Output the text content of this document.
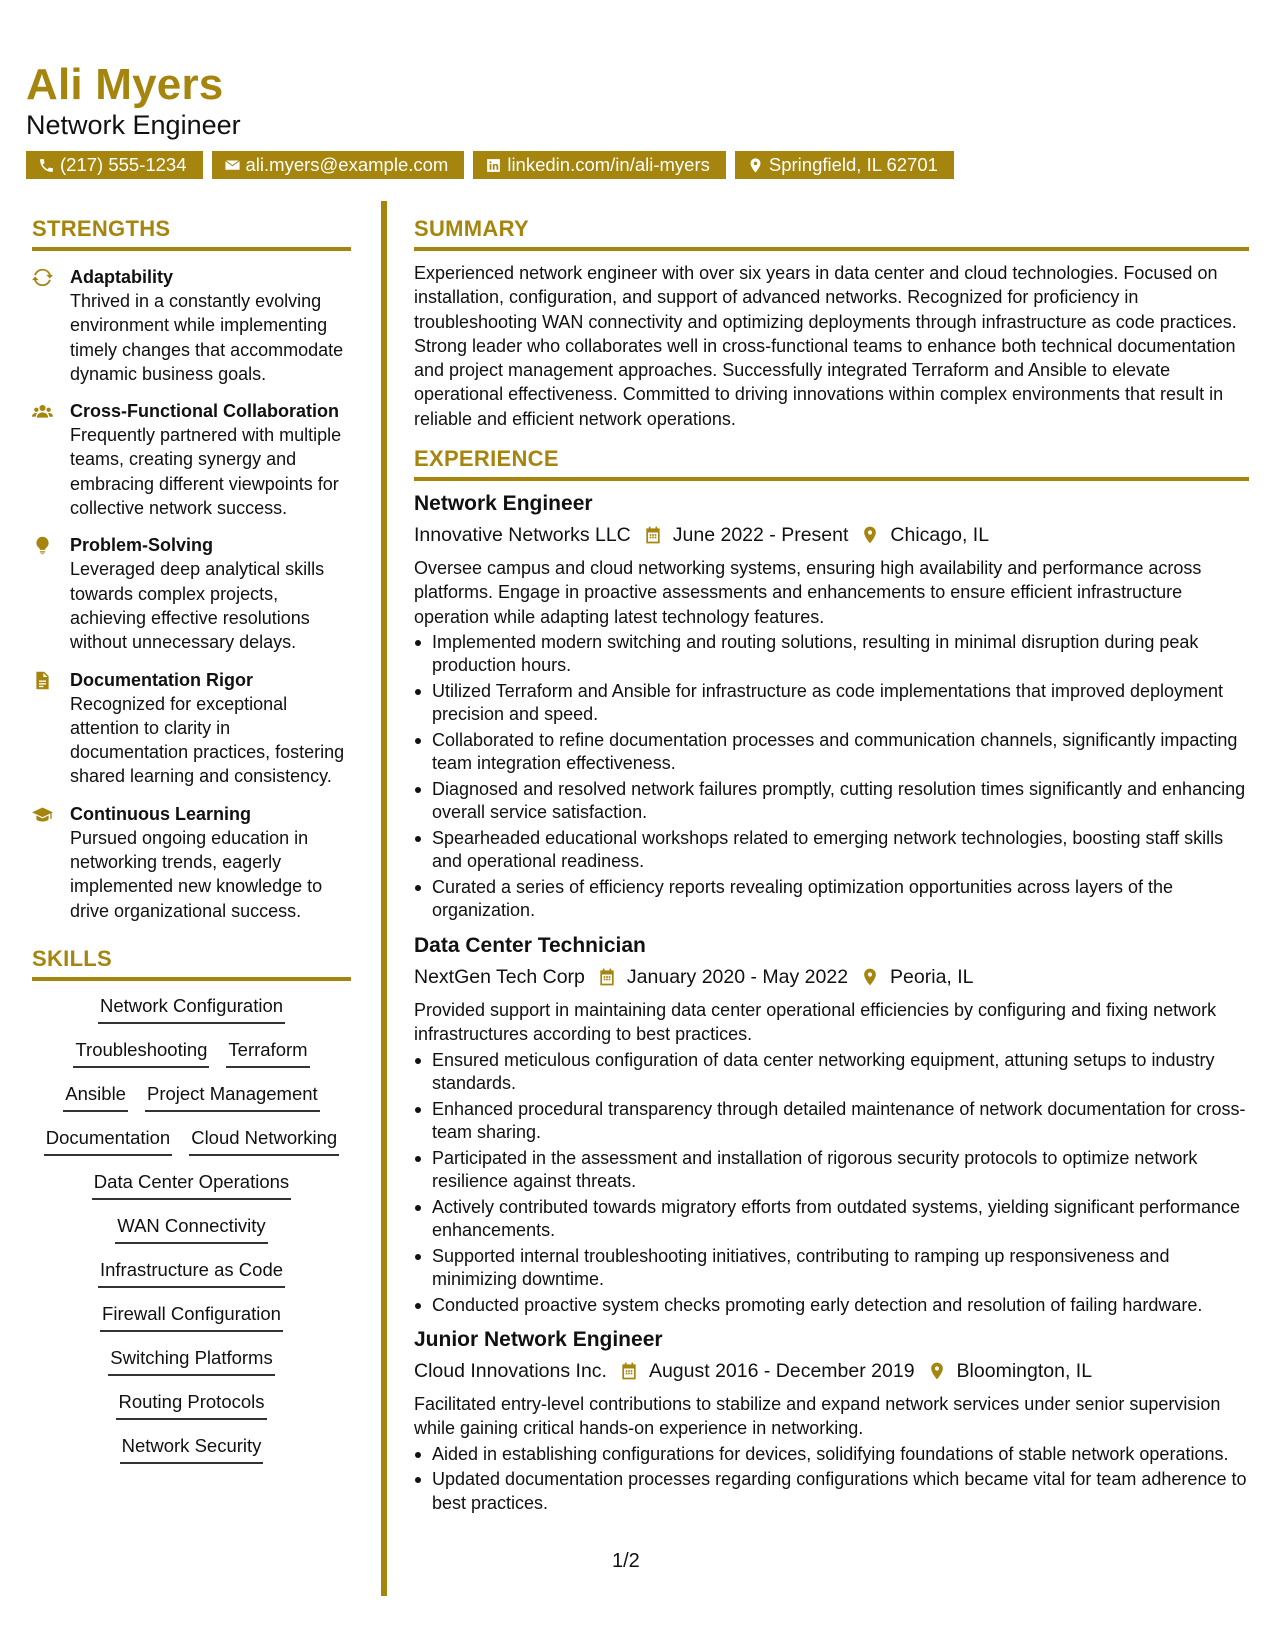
Ali Myers
Network Engineer
(217) 555-1234	ali.myers@example.com	linkedin.com/in/ali-myers	Springfield, IL 62701
STRENGTHS
Adaptability
Thrived in a constantly evolving environment while implementing timely changes that accommodate dynamic business goals.
Cross-Functional Collaboration
Frequently partnered with multiple teams, creating synergy and embracing different viewpoints for collective network success.
Problem-Solving
Leveraged deep analytical skills towards complex projects, achieving effective resolutions without unnecessary delays.
Documentation Rigor
Recognized for exceptional attention to clarity in documentation practices, fostering shared learning and consistency.
Continuous Learning
Pursued ongoing education in networking trends, eagerly implemented new knowledge to drive organizational success.
SKILLS
Network Configuration
Troubleshooting Terraform
Ansible Project Management
Documentation Cloud Networking
Data Center Operations
WAN Connectivity
Infrastructure as Code
Firewall Configuration
Switching Platforms
Routing Protocols
Network Security
SUMMARY
Experienced network engineer with over six years in data center and cloud technologies. Focused on installation, configuration, and support of advanced networks. Recognized for proficiency in troubleshooting WAN connectivity and optimizing deployments through infrastructure as code practices. Strong leader who collaborates well in cross-functional teams to enhance both technical documentation and project management approaches. Successfully integrated Terraform and Ansible to elevate operational effectiveness. Committed to driving innovations within complex environments that result in reliable and efficient network operations.
EXPERIENCE
Network Engineer
Innovative Networks LLC June 2022 - Present Chicago, IL
Oversee campus and cloud networking systems, ensuring high availability and performance across platforms. Engage in proactive assessments and enhancements to ensure efficient infrastructure operation while adapting latest technology features.
Implemented modern switching and routing solutions, resulting in minimal disruption during peak production hours.
Utilized Terraform and Ansible for infrastructure as code implementations that improved deployment precision and speed.
Collaborated to refine documentation processes and communication channels, significantly impacting team integration effectiveness.
Diagnosed and resolved network failures promptly, cutting resolution times significantly and enhancing overall service satisfaction.
Spearheaded educational workshops related to emerging network technologies, boosting staff skills and operational readiness.
Curated a series of efficiency reports revealing optimization opportunities across layers of the organization.
Data Center Technician
NextGen Tech Corp January 2020 - May 2022 Peoria, IL
Provided support in maintaining data center operational efficiencies by configuring and fixing network infrastructures according to best practices.
Ensured meticulous configuration of data center networking equipment, attuning setups to industry standards.
Enhanced procedural transparency through detailed maintenance of network documentation for cross-team sharing.
Participated in the assessment and installation of rigorous security protocols to optimize network resilience against threats.
Actively contributed towards migratory efforts from outdated systems, yielding significant performance enhancements.
Supported internal troubleshooting initiatives, contributing to ramping up responsiveness and minimizing downtime.
Conducted proactive system checks promoting early detection and resolution of failing hardware.
Junior Network Engineer
Cloud Innovations Inc. August 2016 - December 2019 Bloomington, IL
Facilitated entry-level contributions to stabilize and expand network services under senior supervision while gaining critical hands-on experience in networking.
Aided in establishing configurations for devices, solidifying foundations of stable network operations.
Updated documentation processes regarding configurations which became vital for team adherence to best practices.
1/2
